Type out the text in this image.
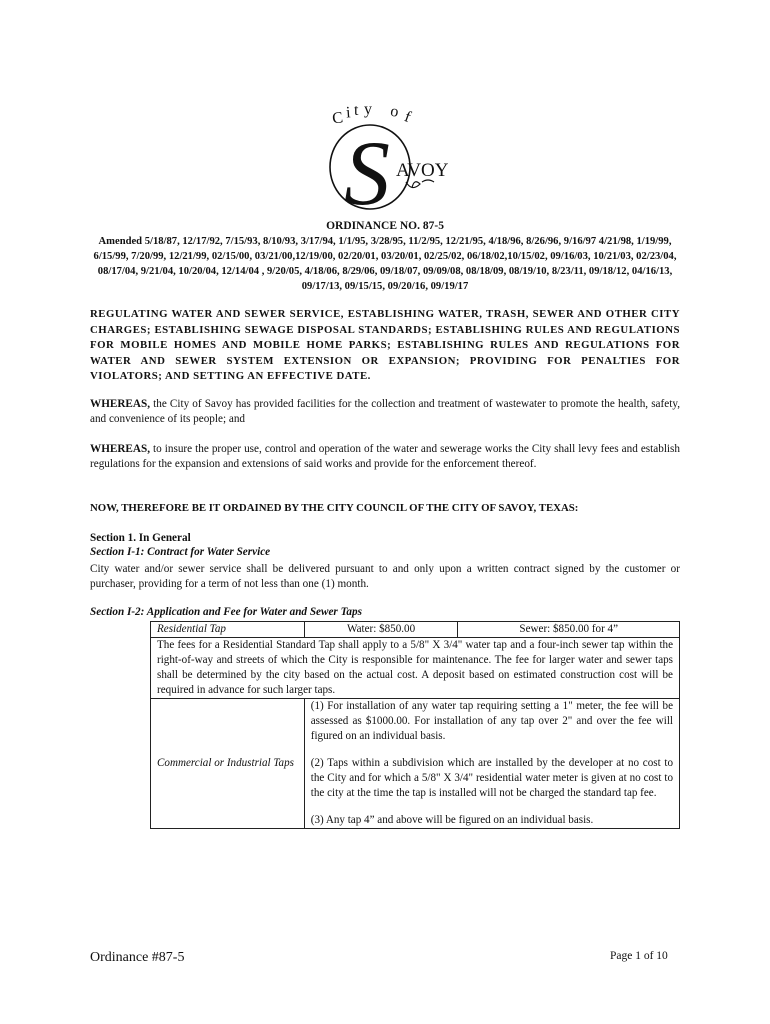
C i t y o f
S AVOY
ORDINANCE NO. 87-5
Amended 5/18/87, 12/17/92, 7/15/93, 8/10/93, 3/17/94, 1/1/95, 3/28/95, 11/2/95, 12/21/95, 4/18/96, 8/26/96, 9/16/97 4/21/98, 1/19/99, 6/15/99, 7/20/99, 12/21/99, 02/15/00, 03/21/00,12/19/00, 02/20/01, 03/20/01, 02/25/02, 06/18/02,10/15/02, 09/16/03, 10/21/03, 02/23/04, 08/17/04, 9/21/04, 10/20/04, 12/14/04 , 9/20/05, 4/18/06, 8/29/06, 09/18/07, 09/09/08, 08/18/09, 08/19/10, 8/23/11, 09/18/12, 04/16/13, 09/17/13, 09/15/15, 09/20/16, 09/19/17
REGULATING WATER AND SEWER SERVICE, ESTABLISHING WATER, TRASH, SEWER AND OTHER CITY CHARGES; ESTABLISHING SEWAGE DISPOSAL STANDARDS; ESTABLISHING RULES AND REGULATIONS FOR MOBILE HOMES AND MOBILE HOME PARKS; ESTABLISHING RULES AND REGULATIONS FOR WATER AND SEWER SYSTEM EXTENSION OR EXPANSION; PROVIDING FOR PENALTIES FOR VIOLATORS; AND SETTING AN EFFECTIVE DATE.
WHEREAS, the City of Savoy has provided facilities for the collection and treatment of wastewater to promote the health, safety, and convenience of its people; and
WHEREAS, to insure the proper use, control and operation of the water and sewerage works the City shall levy fees and establish regulations for the expansion and extensions of said works and provide for the enforcement thereof.
NOW, THEREFORE BE IT ORDAINED BY THE CITY COUNCIL OF THE CITY OF SAVOY, TEXAS:
Section 1. In General
Section I-1: Contract for Water Service
City water and/or sewer service shall be delivered pursuant to and only upon a written contract signed by the customer or purchaser, providing for a term of not less than one (1) month.
Section I-2: Application and Fee for Water and Sewer Taps
Residential Tap	Water: $850.00	Sewer: $850.00 for 4”
The fees for a Residential Standard Tap shall apply to a 5/8" X 3/4" water tap and a four-inch sewer tap within the right-of-way and streets of which the City is responsible for maintenance. The fee for larger water and sewer taps shall be determined by the city based on the actual cost. A deposit based on estimated construction cost will be required in advance for such larger taps.		
Commercial or Industrial Taps	(1) For installation of any water tap requiring setting a 1" meter, the fee will be assessed as $1000.00. For installation of any tap over 2" and over the fee will figured on an individual basis.
(2) Taps within a subdivision which are installed by the developer at no cost to the City and for which a 5/8" X 3/4" residential water meter is given at no cost to the city at the time the tap is installed will not be charged the standard tap fee.
(3) Any tap 4” and above will be figured on an individual basis.	
Ordinance #87-5	Page 1 of 10
